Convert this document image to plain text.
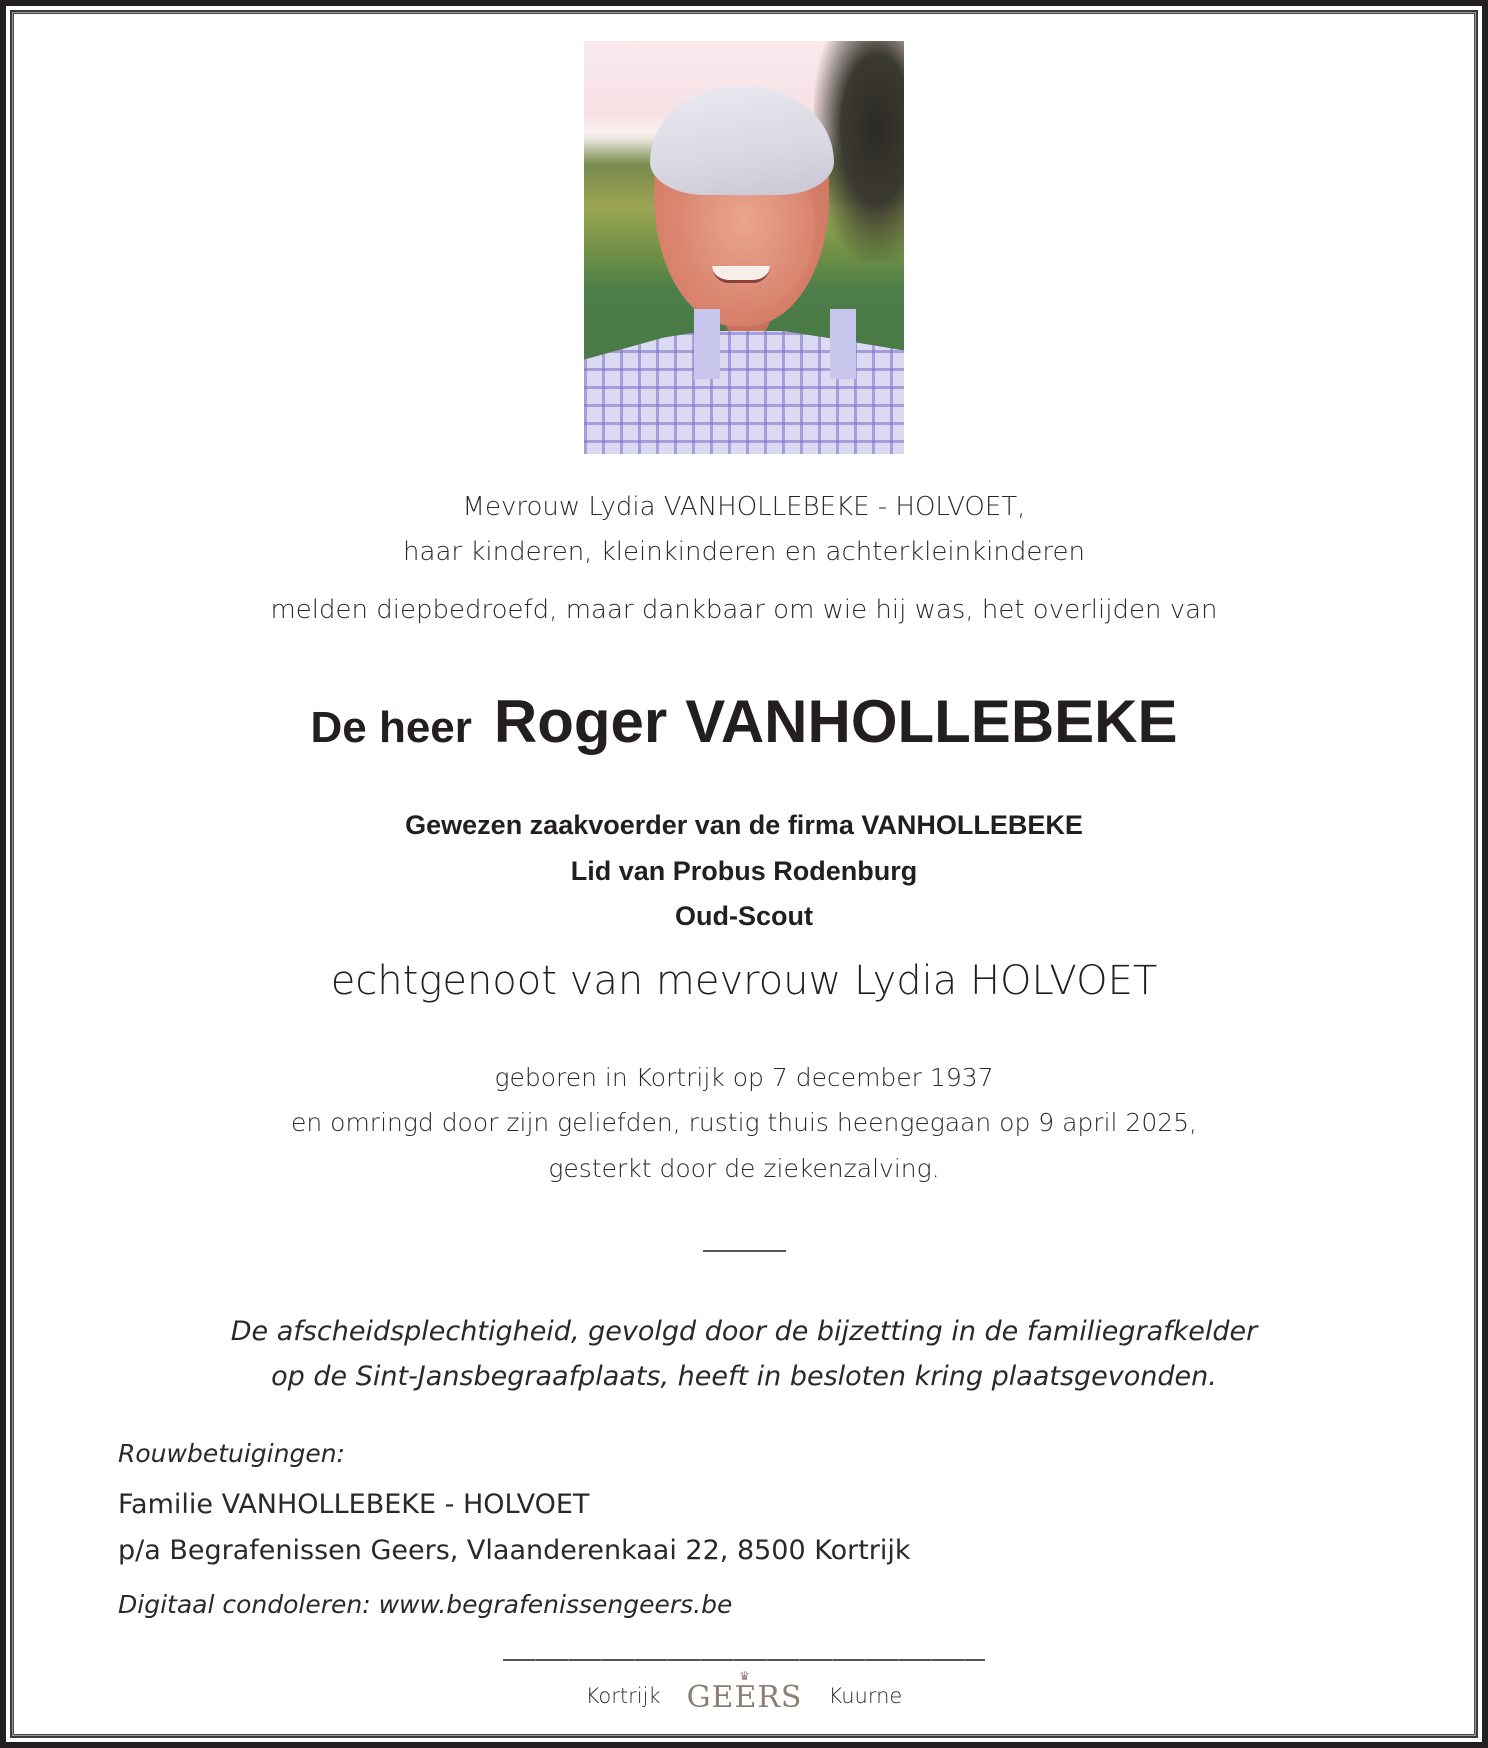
Mevrouw Lydia VANHOLLEBEKE - HOLVOET,
haar kinderen, kleinkinderen en achterkleinkinderen
melden diepbedroefd, maar dankbaar om wie hij was, het overlijden van
De heer Roger VANHOLLEBEKE
Gewezen zaakvoerder van de firma VANHOLLEBEKE
Lid van Probus Rodenburg
Oud-Scout
echtgenoot van mevrouw Lydia HOLVOET
geboren in Kortrijk op 7 december 1937
en omringd door zijn geliefden, rustig thuis heengegaan op 9 april 2025,
gesterkt door de ziekenzalving.
De afscheidsplechtigheid, gevolgd door de bijzetting in de familiegrafkelder
op de Sint-Jansbegraafplaats, heeft in besloten kring plaatsgevonden.
Rouwbetuigingen:
Familie VANHOLLEBEKE - HOLVOET
p/a Begrafenissen Geers, Vlaanderenkaai 22, 8500 Kortrijk
Digitaal condoleren: www.begrafenissengeers.be
Kortrijk
♛
GEERS Kuurne
